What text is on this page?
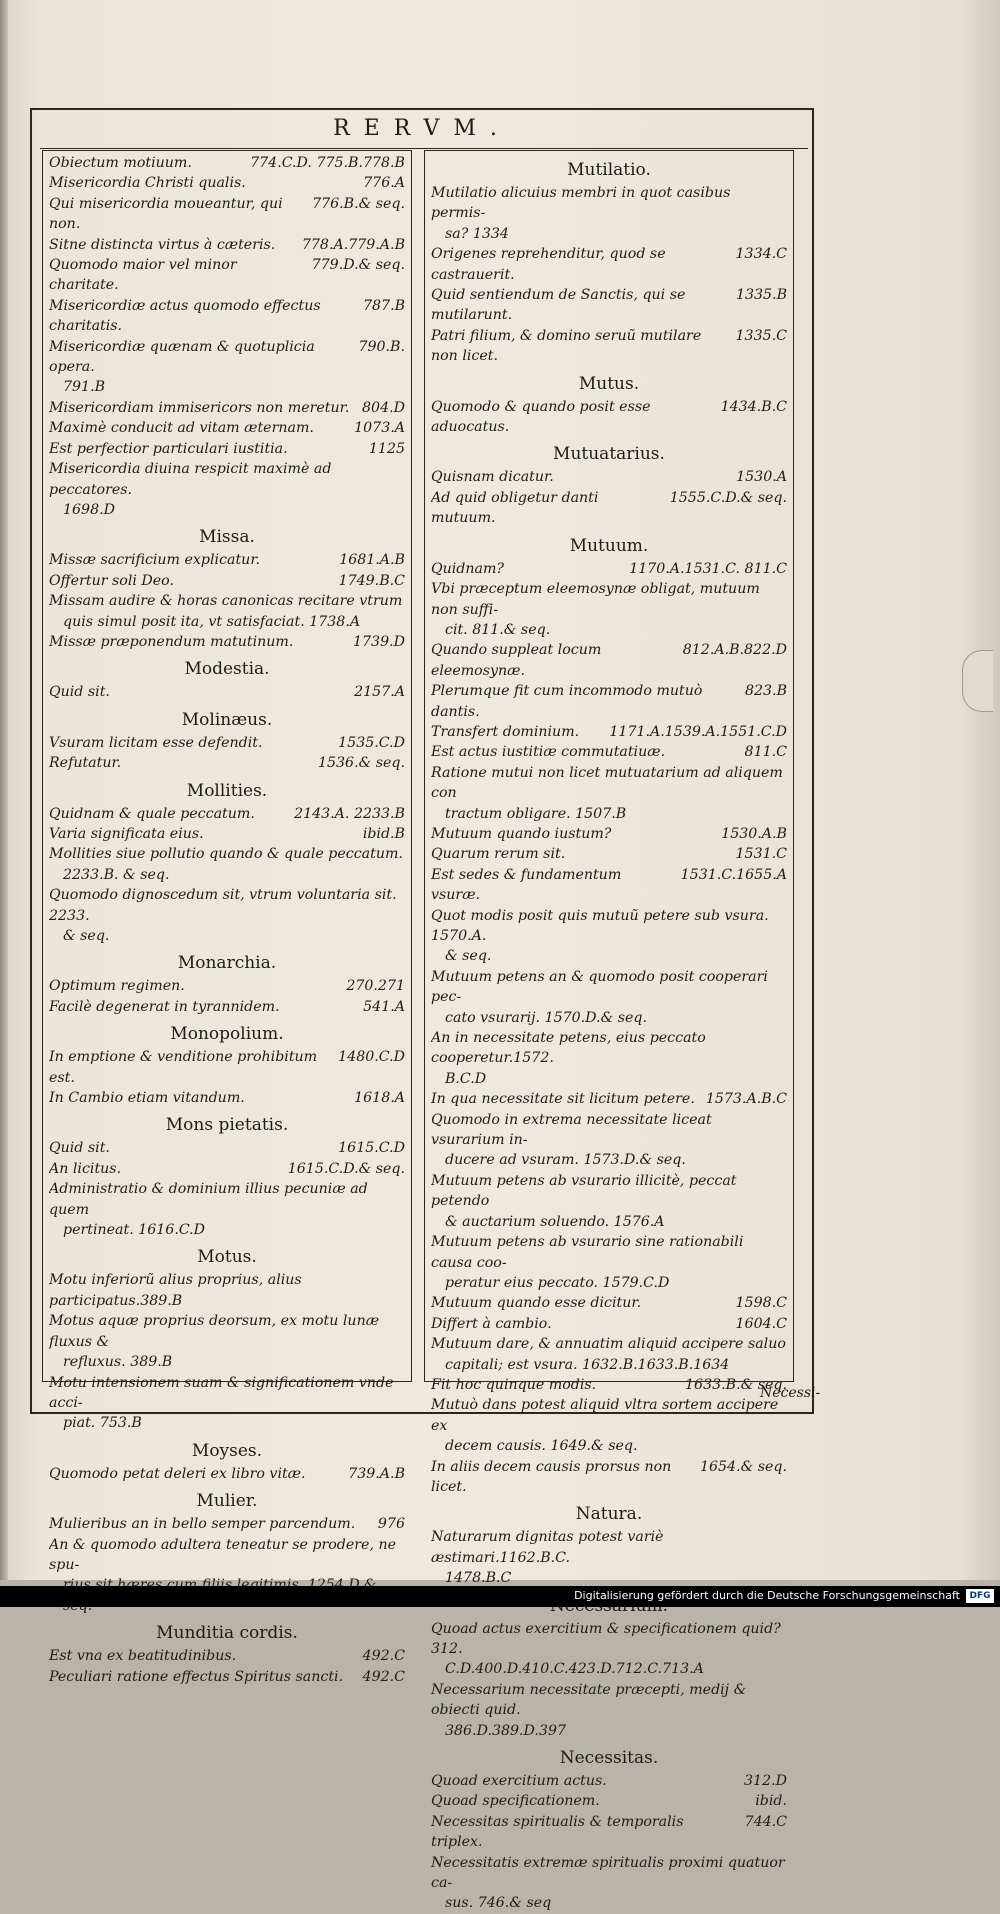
RERVM.
774.C.D. 775.B.778.B
Obiectum motiuum.
776.A
Misericordia Christi qualis.
776.B.& seq.
Qui misericordia moueantur, qui non.
778.A.779.A.B
Sitne distincta virtus à cæteris.
779.D.& seq.
Quomodo maior vel minor charitate.
787.B
Misericordiæ actus quomodo effectus charitatis.
790.B.
Misericordiæ quænam & quotuplicia opera.
791.B
804.D
Misericordiam immisericors non meretur.
1073.A
Maximè conducit ad vitam æternam.
1125
Est perfectior particulari iustitia.
Misericordia diuina respicit maximè ad peccatores.
1698.D
Missa.
1681.A.B
Missæ sacrificium explicatur.
1749.B.C
Offertur soli Deo.
Missam audire & horas canonicas recitare vtrum
quis simul posit ita, vt satisfaciat. 1738.A
1739.D
Missæ præponendum matutinum.
Modestia.
2157.A
Quid sit.
Molinæus.
1535.C.D
Vsuram licitam esse defendit.
1536.& seq.
Refutatur.
Mollities.
2143.A. 2233.B
Quidnam & quale peccatum.
ibid.B
Varia significata eius.
Mollities siue pollutio quando & quale peccatum.
2233.B. & seq.
Quomodo dignoscedum sit, vtrum voluntaria sit. 2233.
& seq.
Monarchia.
270.271
Optimum regimen.
541.A
Facilè degenerat in tyrannidem.
Monopolium.
1480.C.D
In emptione & venditione prohibitum est.
1618.A
In Cambio etiam vitandum.
Mons pietatis.
1615.C.D
Quid sit.
1615.C.D.& seq.
An licitus.
Administratio & dominium illius pecuniæ ad quem
pertineat. 1616.C.D
Motus.
Motu inferiorũ alius proprius, alius participatus.389.B
Motus aquæ proprius deorsum, ex motu lunæ fluxus &
refluxus. 389.B
Motu intensionem suam & significationem vnde acci-
piat. 753.B
Moyses.
739.A.B
Quomodo petat deleri ex libro vitæ.
Mulier.
976
Mulieribus an in bello semper parcendum.
An & quomodo adultera teneatur se prodere, ne spu-
Munditia cordis.
492.C
Est vna ex beatitudinibus.
492.C
Peculiari ratione effectus Spiritus sancti.
Mutilatio.
Mutilatio alicuius membri in quot casibus permis-
sa? 1334
1334.C
Origenes reprehenditur, quod se castrauerit.
1335.B
Quid sentiendum de Sanctis, qui se mutilarunt.
1335.C
Patri filium, & domino seruũ mutilare non licet.
Mutus.
1434.B.C
Quomodo & quando posit esse aduocatus.
Mutuatarius.
1530.A
Quisnam dicatur.
1555.C.D.& seq.
Ad quid obligetur danti mutuum.
Mutuum.
1170.A.1531.C. 811.C
Quidnam?
Vbi præceptum eleemosynæ obligat, mutuum non suffi-
cit. 811.& seq.
812.A.B.822.D
Quando suppleat locum eleemosynæ.
823.B
Plerumque fit cum incommodo mutuò dantis.
1171.A.1539.A.1551.C.D
Transfert dominium.
811.C
Est actus iustitiæ commutatiuæ.
Ratione mutui non licet mutuatarium ad aliquem con
tractum obligare. 1507.B
1530.A.B
Mutuum quando iustum?
1531.C
Quarum rerum sit.
1531.C.1655.A
Est sedes & fundamentum vsuræ.
Quot modis posit quis mutuũ petere sub vsura. 1570.A.
& seq.
Mutuum petens an & quomodo posit cooperari pec-
cato vsurarij. 1570.D.& seq.
An in necessitate petens, eius peccato cooperetur.1572.
B.C.D
1573.A.B.C
In qua necessitate sit licitum petere.
Quomodo in extrema necessitate liceat vsurarium in-
ducere ad vsuram. 1573.D.& seq.
Mutuum petens ab vsurario illicitè, peccat petendo
& auctarium soluendo. 1576.A
Mutuum petens ab vsurario sine rationabili causa coo-
peratur eius peccato. 1579.C.D
1598.C
Mutuum quando esse dicitur.
1604.C
Differt à cambio.
Mutuum dare, & annuatim aliquid accipere saluo
capitali; est vsura. 1632.B.1633.B.1634
1633.B.& seq.
Fit hoc quinque modis.
Mutuò dans potest aliquid vltra sortem accipere ex
decem causis. 1649.& seq.
1654.& seq.
In aliis decem causis prorsus non licet.
Natura.
Naturarum dignitas potest variè æstimari.1162.B.C.
1478.B.C
Quoad actus exercitium & specificationem quid? 312.
C.D.400.D.410.C.423.D.712.C.713.A
Necessarium necessitate præcepti, medij & obiecti quid.
386.D.389.D.397
Necessitas.
312.D
Quoad exercitium actus.
ibid.
Quoad specificationem.
744.C
Necessitas spiritualis & temporalis triplex.
Necessitatis extremæ spiritualis proximi quatuor ca-
sus. 746.& seq
Necessi-
Digitalisierung gefördert durch die Deutsche Forschungsgemeinschaft	DFG
